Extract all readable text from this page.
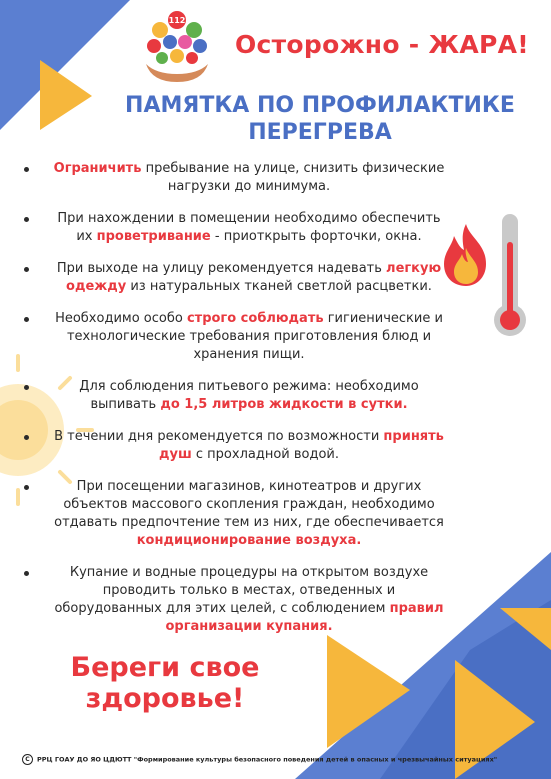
112
Осторожно - ЖАРА!
ПАМЯТКА ПО ПРОФИЛАКТИКЕ
ПЕРЕГРЕВА
Ограничить пребывание на улице, снизить физические нагрузки до минимума.
При нахождении в помещении необходимо обеспечить их проветривание - приоткрыть форточки, окна.
При выходе на улицу рекомендуется надевать легкую одежду из натуральных тканей светлой расцветки.
Необходимо особо строго соблюдать гигиенические и технологические требования приготовления блюд и хранения пищи.
Для соблюдения питьевого режима: необходимо выпивать до 1,5 литров жидкости в сутки.
В течении дня рекомендуется по возможности принять душ с прохладной водой.
При посещении магазинов, кинотеатров и других объектов массового скопления граждан, необходимо отдавать предпочтение тем из них, где обеспечивается кондиционирование воздуха.
Купание и водные процедуры на открытом воздухе проводить только в местах, отведенных и оборудованных для этих целей, с соблюдением правил организации купания.
Береги свое
здоровье!
C РРЦ ГОАУ ДО ЯО ЦДЮТТ "Формирование культуры безопасного поведения детей в опасных и чрезвычайных ситуациях"
